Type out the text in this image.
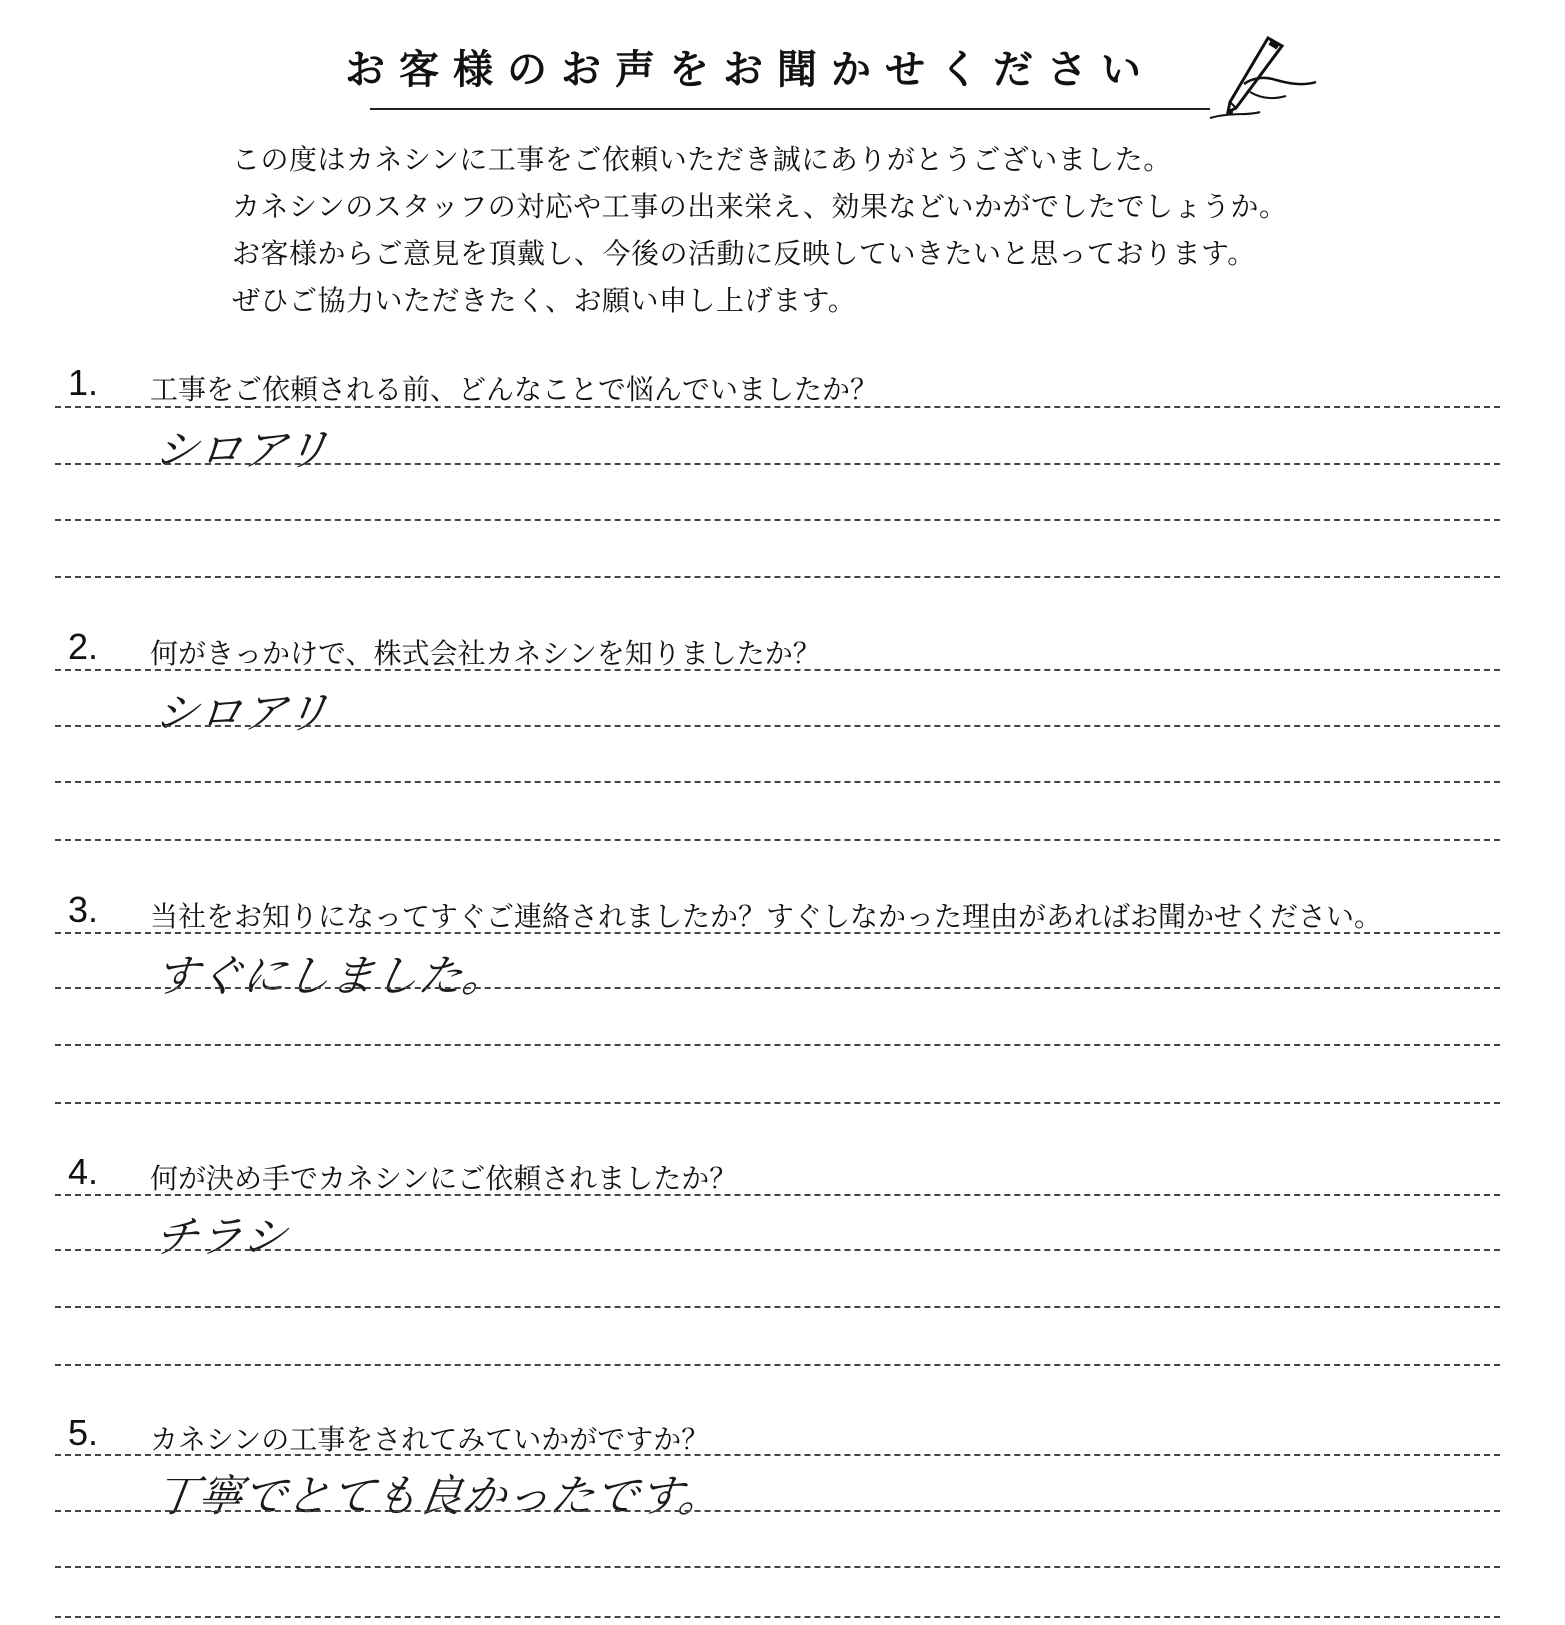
お客様のお声をお聞かせください
この度はカネシンに工事をご依頼いただき誠にありがとうございました。
カネシンのスタッフの対応や工事の出来栄え、効果などいかがでしたでしょうか。
お客様からご意見を頂戴し、今後の活動に反映していきたいと思っております。
ぜひご協力いただきたく、お願い申し上げます。
1. 工事をご依頼される前、どんなことで悩んでいましたか？
シロアリ
2. 何がきっかけで、株式会社カネシンを知りましたか？
シロアリ
3. 当社をお知りになってすぐご連絡されましたか？すぐしなかった理由があればお聞かせください。
すぐにしました。
4. 何が決め手でカネシンにご依頼されましたか？
チラシ
5. カネシンの工事をされてみていかがですか？
丁寧でとても良かったです。
